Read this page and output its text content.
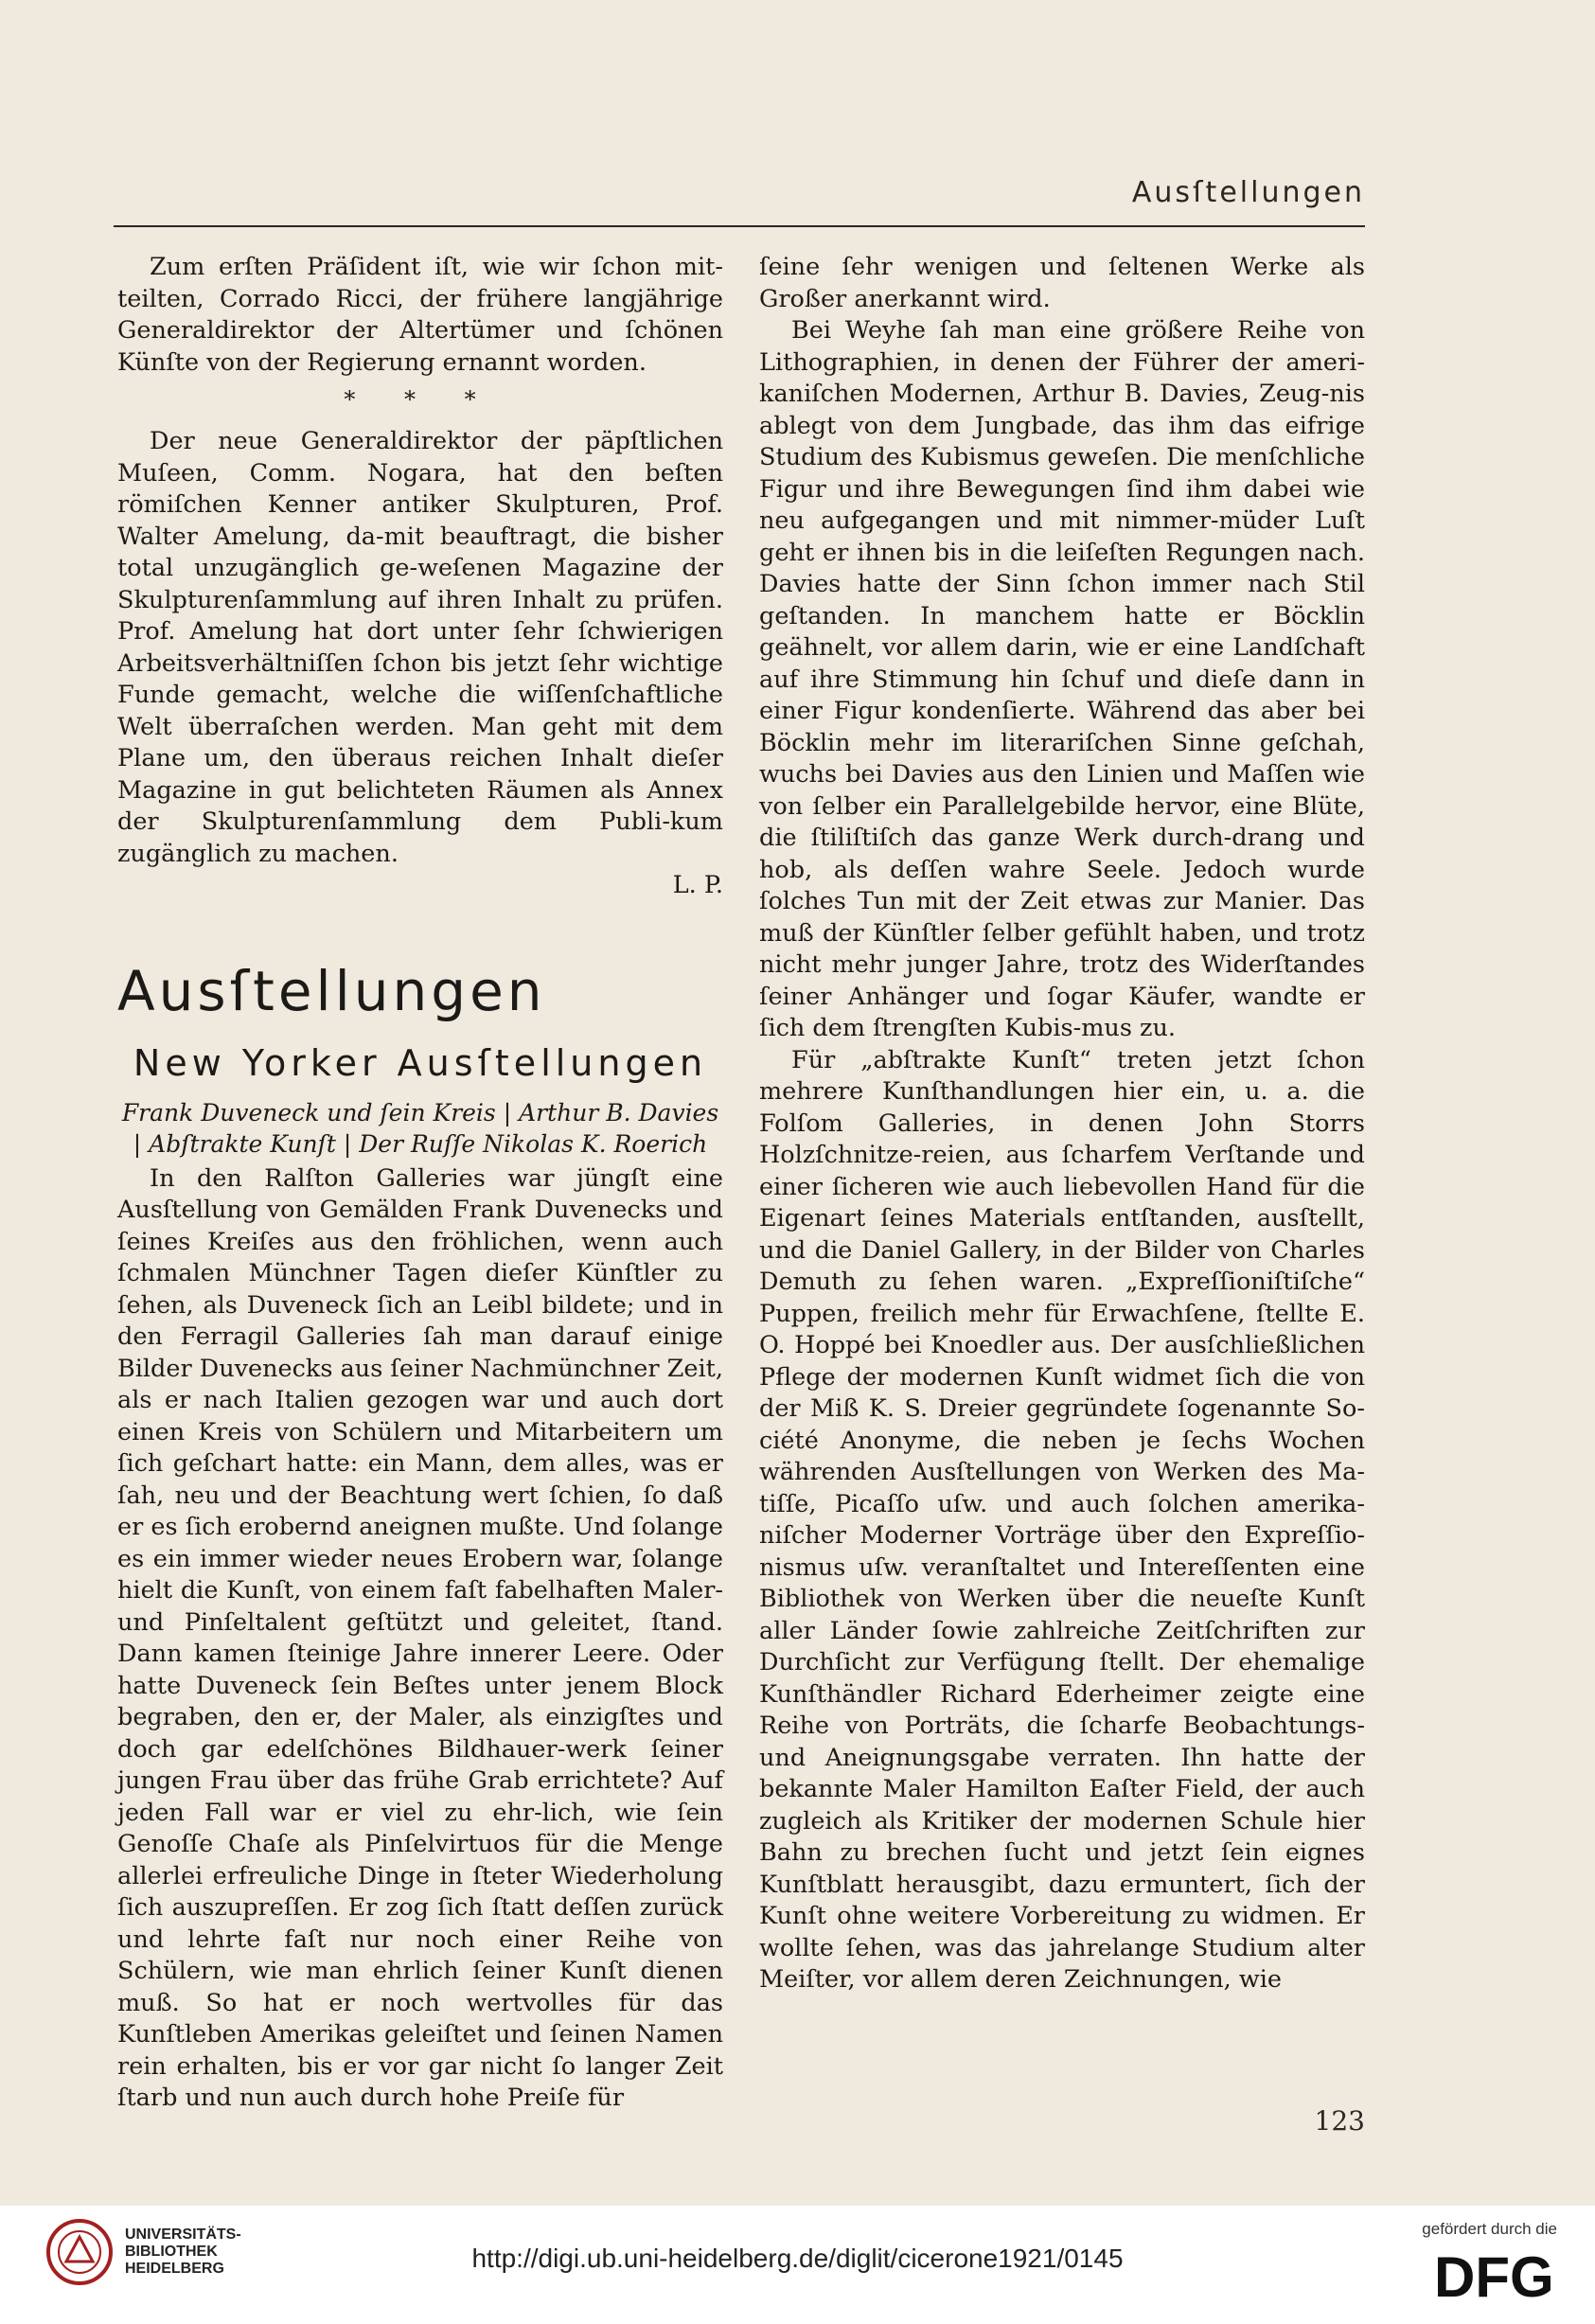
Ausſtellungen

Zum erſten Präſident iſt, wie wir ſchon mit-teilten, Corrado Ricci, der frühere langjährige Generaldirektor der Altertümer und ſchönen Künſte von der Regierung ernannt worden.

* * *

Der neue Generaldirektor der päpſtlichen Muſeen, Comm. Nogara, hat den beſten römiſchen Kenner antiker Skulpturen, Prof. Walter Amelung, da-mit beauftragt, die bisher total unzugänglich ge-weſenen Magazine der Skulpturenſammlung auf ihren Inhalt zu prüfen. Prof. Amelung hat dort unter ſehr ſchwierigen Arbeitsverhältniſſen ſchon bis jetzt ſehr wichtige Funde gemacht, welche die wiſſenſchaftliche Welt überraſchen werden. Man geht mit dem Plane um, den überaus reichen Inhalt dieſer Magazine in gut belichteten Räumen als Annex der Skulpturenſammlung dem Publi-kum zugänglich zu machen.

L. P.
Ausſtellungen
New Yorker Ausſtellungen
Frank Duveneck und ſein Kreis | Arthur B. Davies | Abſtrakte Kunſt | Der Ruſſe Nikolas K. Roerich

In den Ralſton Galleries war jüngſt eine Ausſtellung von Gemälden Frank Duvenecks und ſeines Kreiſes aus den fröhlichen, wenn auch ſchmalen Münchner Tagen dieſer Künſtler zu ſehen, als Duveneck ſich an Leibl bildete; und in den Ferragil Galleries ſah man darauf einige Bilder Duvenecks aus ſeiner Nachmünchner Zeit, als er nach Italien gezogen war und auch dort einen Kreis von Schülern und Mitarbeitern um ſich geſchart hatte: ein Mann, dem alles, was er ſah, neu und der Beachtung wert ſchien, ſo daß er es ſich erobernd aneignen mußte. Und ſolange es ein immer wieder neues Erobern war, ſolange hielt die Kunſt, von einem faſt fabelhaften Maler- und Pinſeltalent geſtützt und geleitet, ſtand. Dann kamen ſteinige Jahre innerer Leere. Oder hatte Duveneck ſein Beſtes unter jenem Block begraben, den er, der Maler, als einzigſtes und doch gar edelſchönes Bildhauer-werk ſeiner jungen Frau über das frühe Grab errichtete? Auf jeden Fall war er viel zu ehr-lich, wie ſein Genoſſe Chaſe als Pinſelvirtuos für die Menge allerlei erfreuliche Dinge in ſteter Wiederholung ſich auszupreſſen. Er zog ſich ſtatt deſſen zurück und lehrte faſt nur noch einer Reihe von Schülern, wie man ehrlich ſeiner Kunſt dienen muß. So hat er noch wertvolles für das Kunſtleben Amerikas geleiſtet und ſeinen Namen rein erhalten, bis er vor gar nicht ſo langer Zeit ſtarb und nun auch durch hohe Preiſe für

ſeine ſehr wenigen und ſeltenen Werke als Großer anerkannt wird.

Bei Weyhe ſah man eine größere Reihe von Lithographien, in denen der Führer der ameri-kaniſchen Modernen, Arthur B. Davies, Zeug-nis ablegt von dem Jungbade, das ihm das eifrige Studium des Kubismus geweſen. Die menſchliche Figur und ihre Bewegungen ſind ihm dabei wie neu aufgegangen und mit nimmer-müder Luſt geht er ihnen bis in die leiſeſten Regungen nach. Davies hatte der Sinn ſchon immer nach Stil geſtanden. In manchem hatte er Böcklin geähnelt, vor allem darin, wie er eine Landſchaft auf ihre Stimmung hin ſchuf und dieſe dann in einer Figur kondenſierte. Während das aber bei Böcklin mehr im literariſchen Sinne geſchah, wuchs bei Davies aus den Linien und Maſſen wie von ſelber ein Parallelgebilde hervor, eine Blüte, die ſtiliſtiſch das ganze Werk durch-drang und hob, als deſſen wahre Seele. Jedoch wurde ſolches Tun mit der Zeit etwas zur Manier. Das muß der Künſtler ſelber gefühlt haben, und trotz nicht mehr junger Jahre, trotz des Widerſtandes ſeiner Anhänger und ſogar Käufer, wandte er ſich dem ſtrengſten Kubis-mus zu.

Für „abſtrakte Kunſt“ treten jetzt ſchon mehrere Kunſthandlungen hier ein, u. a. die Folſom Galleries, in denen John Storrs Holzſchnitze-reien, aus ſcharfem Verſtande und einer ſicheren wie auch liebevollen Hand für die Eigenart ſeines Materials entſtanden, ausſtellt, und die Daniel Gallery, in der Bilder von Charles Demuth zu ſehen waren. „Expreſſioniſtiſche“ Puppen, freilich mehr für Erwachſene, ſtellte E. O. Hoppé bei Knoedler aus. Der ausſchließlichen Pflege der modernen Kunſt widmet ſich die von der Miß K. S. Dreier gegründete ſogenannte So-ciété Anonyme, die neben je ſechs Wochen währenden Ausſtellungen von Werken des Ma-tiſſe, Picaſſo uſw. und auch ſolchen amerika-niſcher Moderner Vorträge über den Expreſſio-nismus uſw. veranſtaltet und Intereſſenten eine Bibliothek von Werken über die neueſte Kunſt aller Länder ſowie zahlreiche Zeitſchriften zur Durchſicht zur Verfügung ſtellt. Der ehemalige Kunſthändler Richard Ederheimer zeigte eine Reihe von Porträts, die ſcharfe Beobachtungs-und Aneignungsgabe verraten. Ihn hatte der bekannte Maler Hamilton Eaſter Field, der auch zugleich als Kritiker der modernen Schule hier Bahn zu brechen ſucht und jetzt ſein eignes Kunſtblatt herausgibt, dazu ermuntert, ſich der Kunſt ohne weitere Vorbereitung zu widmen. Er wollte ſehen, was das jahrelange Studium alter Meiſter, vor allem deren Zeichnungen, wie

123
UNIVERSITÄTS-
BIBLIOTHEK
HEIDELBERG	http://digi.ub.uni-heidelberg.de/diglit/cicerone1921/0145
gefördert durch die
DFG
